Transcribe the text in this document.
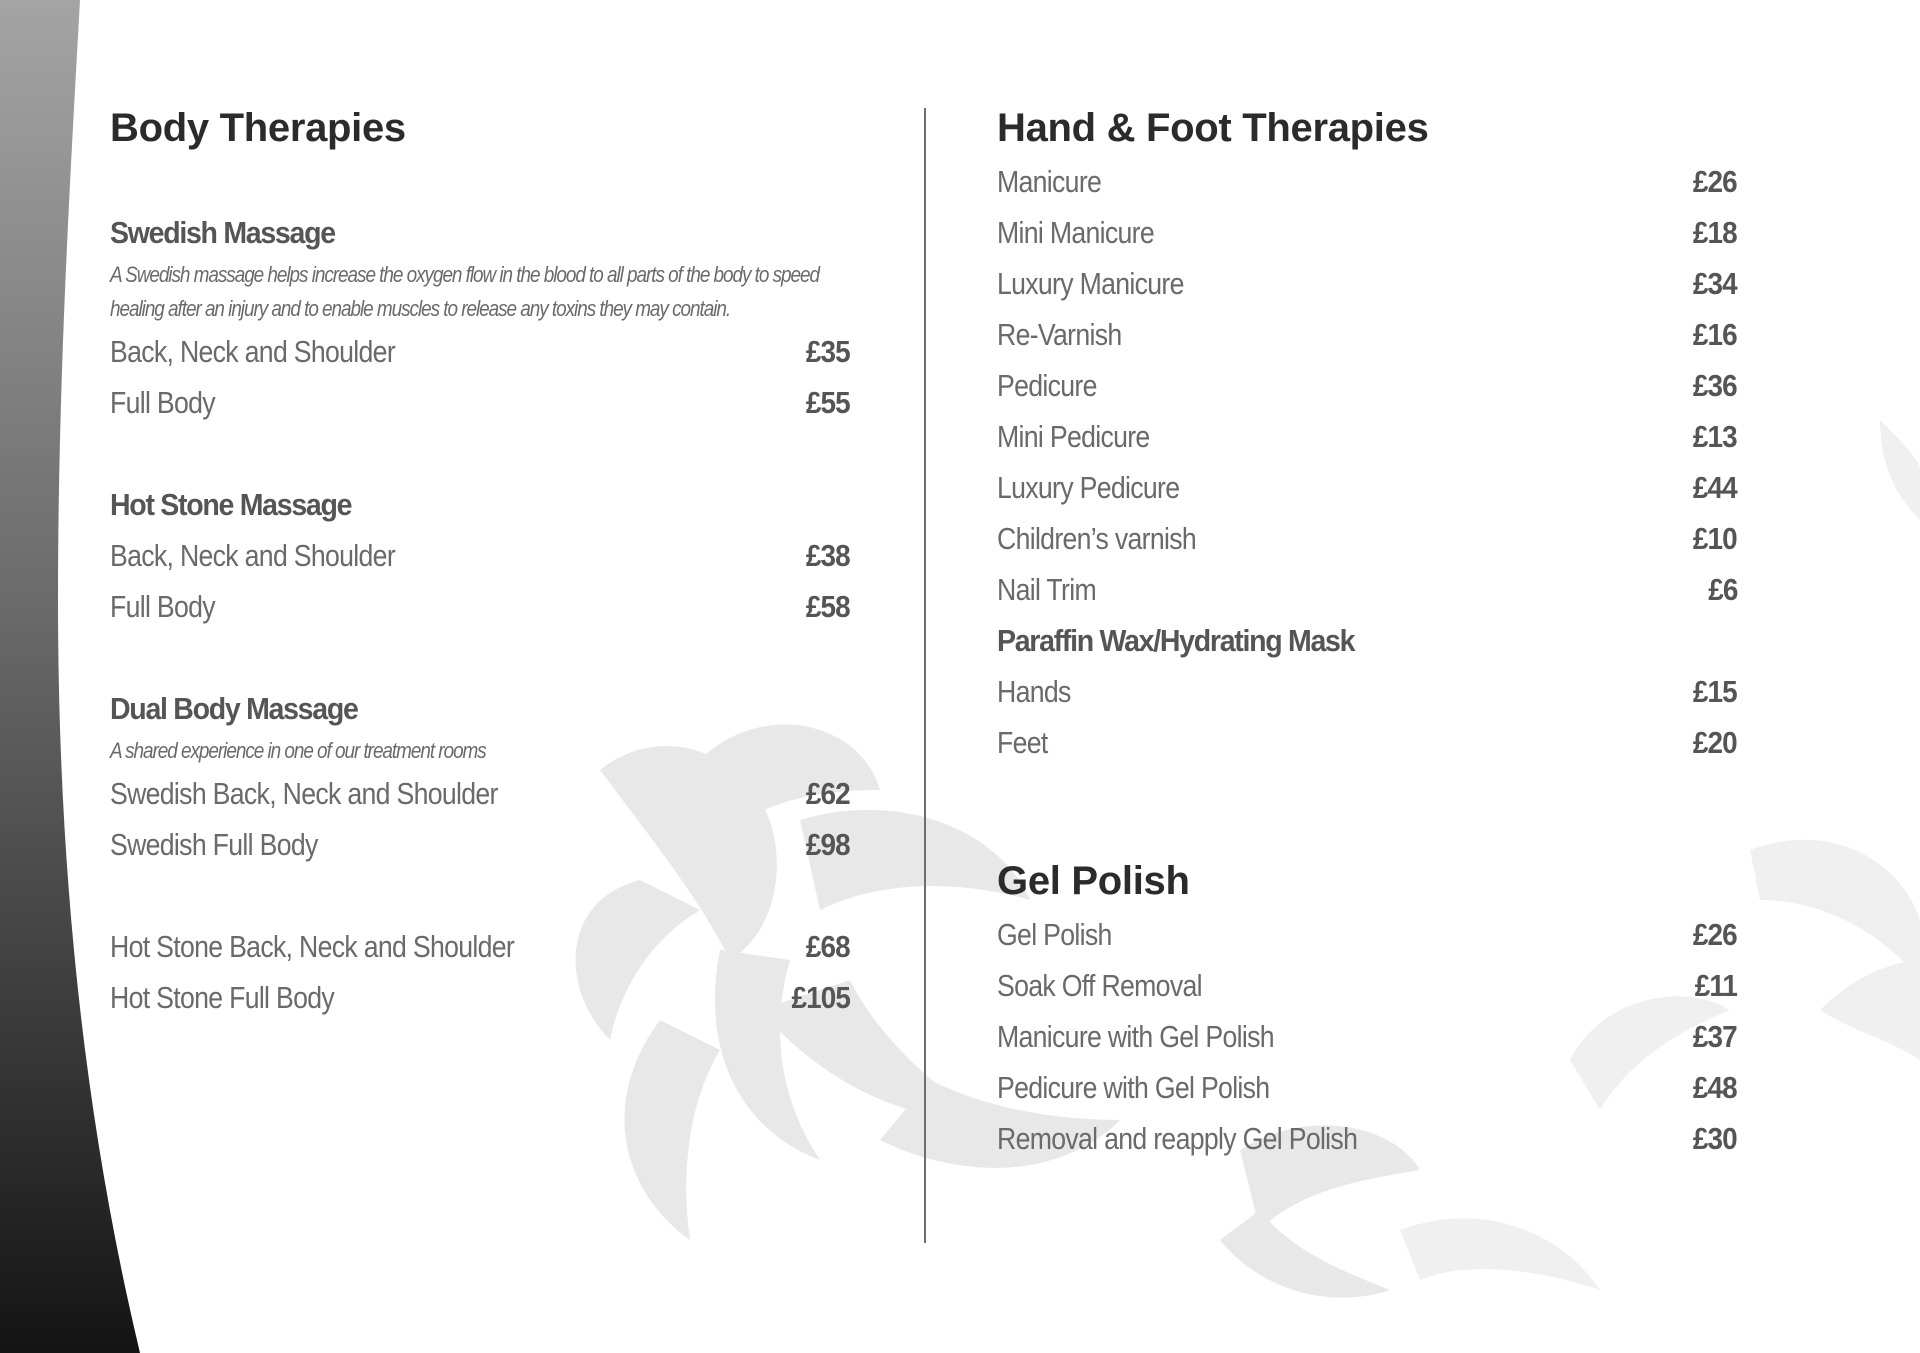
Body Therapies
Swedish Massage
A Swedish massage helps increase the oxygen flow in the blood to all parts of the body to speed
healing after an injury and to enable muscles to release any toxins they may contain.
Back, Neck and Shoulder	£35
Full Body	£55
Hot Stone Massage
Back, Neck and Shoulder	£38
Full Body	£58
Dual Body Massage
A shared experience in one of our treatment rooms
Swedish Back, Neck and Shoulder	£62
Swedish Full Body	£98
Hot Stone Back, Neck and Shoulder	£68
Hot Stone Full Body	£105
Hand & Foot Therapies
Manicure	£26
Mini Manicure	£18
Luxury Manicure	£34
Re-Varnish	£16
Pedicure	£36
Mini Pedicure	£13
Luxury Pedicure	£44
Children’s varnish	£10
Nail Trim	£6
Paraffin Wax/Hydrating Mask
Hands	£15
Feet	£20
Gel Polish
Gel Polish	£26
Soak Off Removal	£11
Manicure with Gel Polish	£37
Pedicure with Gel Polish	£48
Removal and reapply Gel Polish	£30
